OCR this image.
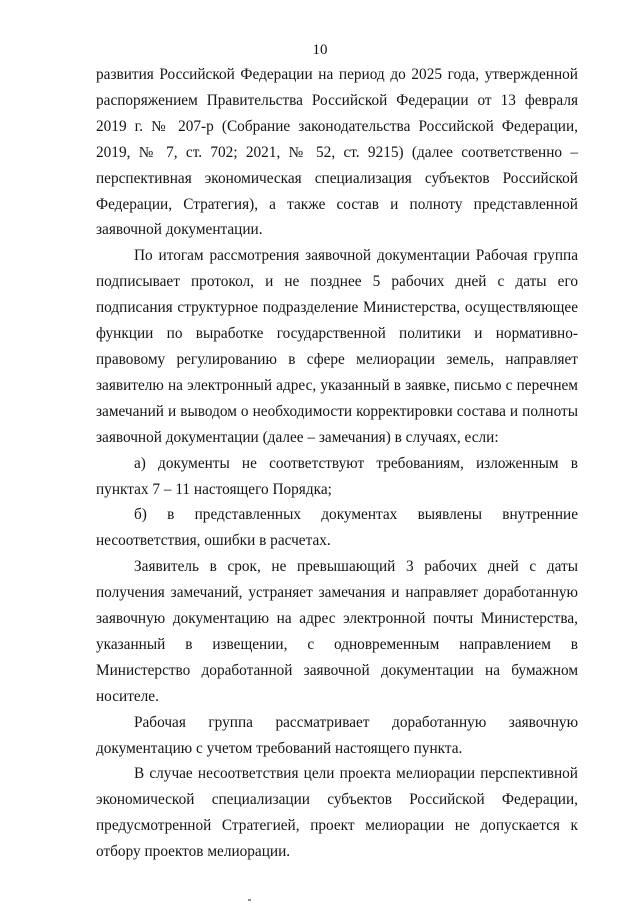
10

развития Российской Федерации на период до 2025 года, утвержденной распоряжением Правительства Российской Федерации от 13 февраля 2019 г. № 207-р (Собрание законодательства Российской Федерации, 2019, № 7, ст. 702; 2021, № 52, ст. 9215) (далее соответственно – перспективная экономическая специализация субъектов Российской Федерации, Стратегия), а также состав и полноту представленной заявочной документации.

По итогам рассмотрения заявочной документации Рабочая группа подписывает протокол, и не позднее 5 рабочих дней с даты его подписания структурное подразделение Министерства, осуществляющее функции по выработке государственной политики и нормативно-правовому регулированию в сфере мелиорации земель, направляет заявителю на электронный адрес, указанный в заявке, письмо с перечнем замечаний и выводом о необходимости корректировки состава и полноты заявочной документации (далее – замечания) в случаях, если:

а) документы не соответствуют требованиям, изложенным в пунктах 7 – 11 настоящего Порядка;

б) в представленных документах выявлены внутренние несоответствия, ошибки в расчетах.

Заявитель в срок, не превышающий 3 рабочих дней с даты получения замечаний, устраняет замечания и направляет доработанную заявочную документацию на адрес электронной почты Министерства, указанный в извещении, с одновременным направлением в Министерство доработанной заявочной документации на бумажном носителе.

Рабочая группа рассматривает доработанную заявочную документацию с учетом требований настоящего пункта.

В случае несоответствия цели проекта мелиорации перспективной экономической специализации субъектов Российской Федерации, предусмотренной Стратегией, проект мелиорации не допускается к отбору проектов мелиорации.
